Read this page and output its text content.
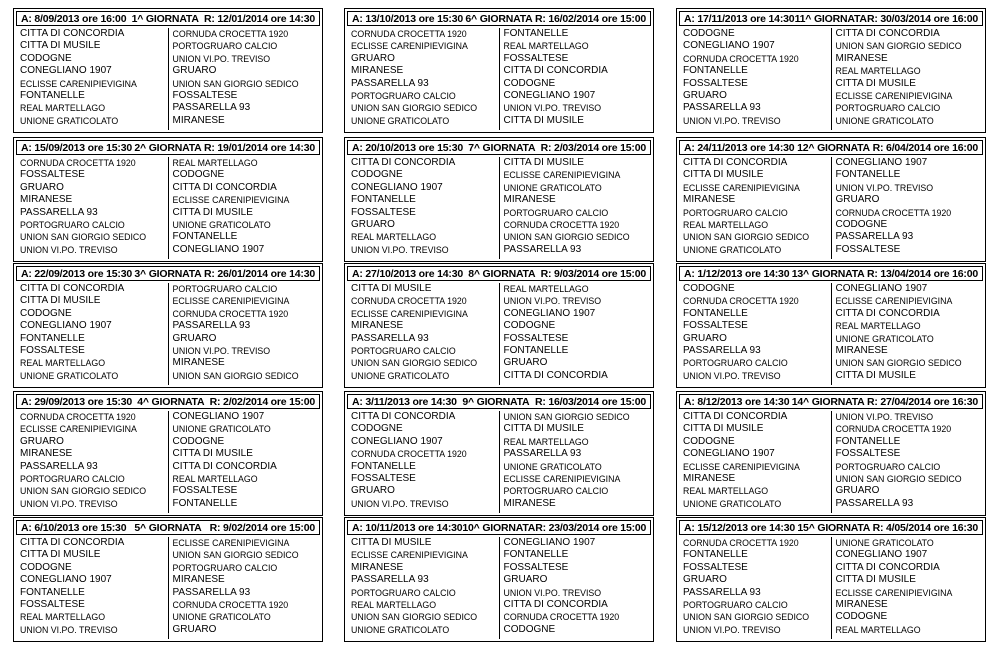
A: 8/09/2013 ore 16:00 1^ GIORNATA R: 12/01/2014 ore 14:30
CITTA DI CONCORDIA
CITTA DI MUSILE
CODOGNE
CONEGLIANO 1907
ECLISSE CARENIPIEVIGINA
FONTANELLE
REAL MARTELLAGO
UNIONE GRATICOLATO
CORNUDA CROCETTA 1920
PORTOGRUARO CALCIO
UNION VI.PO. TREVISO
GRUARO
UNION SAN GIORGIO SEDICO
FOSSALTESE
PASSARELLA 93
MIRANESE
A: 13/10/2013 ore 15:30 6^ GIORNATA R: 16/02/2014 ore 15:00
CORNUDA CROCETTA 1920
ECLISSE CARENIPIEVIGINA
GRUARO
MIRANESE
PASSARELLA 93
PORTOGRUARO CALCIO
UNION SAN GIORGIO SEDICO
UNIONE GRATICOLATO
FONTANELLE
REAL MARTELLAGO
FOSSALTESE
CITTA DI CONCORDIA
CODOGNE
CONEGLIANO 1907
UNION VI.PO. TREVISO
CITTA DI MUSILE
A: 17/11/2013 ore 14:30 11^ GIORNATA R: 30/03/2014 ore 16:00
CODOGNE
CONEGLIANO 1907
CORNUDA CROCETTA 1920
FONTANELLE
FOSSALTESE
GRUARO
PASSARELLA 93
UNION VI.PO. TREVISO
CITTA DI CONCORDIA
UNION SAN GIORGIO SEDICO
MIRANESE
REAL MARTELLAGO
CITTA DI MUSILE
ECLISSE CARENIPIEVIGINA
PORTOGRUARO CALCIO
UNIONE GRATICOLATO
A: 15/09/2013 ore 15:30 2^ GIORNATA R: 19/01/2014 ore 14:30
CORNUDA CROCETTA 1920
FOSSALTESE
GRUARO
MIRANESE
PASSARELLA 93
PORTOGRUARO CALCIO
UNION SAN GIORGIO SEDICO
UNION VI.PO. TREVISO
REAL MARTELLAGO
CODOGNE
CITTA DI CONCORDIA
ECLISSE CARENIPIEVIGINA
CITTA DI MUSILE
UNIONE GRATICOLATO
FONTANELLE
CONEGLIANO 1907
A: 20/10/2013 ore 15:30 7^ GIORNATA R: 2/03/2014 ore 15:00
CITTA DI CONCORDIA
CODOGNE
CONEGLIANO 1907
FONTANELLE
FOSSALTESE
GRUARO
REAL MARTELLAGO
UNION VI.PO. TREVISO
CITTA DI MUSILE
ECLISSE CARENIPIEVIGINA
UNIONE GRATICOLATO
MIRANESE
PORTOGRUARO CALCIO
CORNUDA CROCETTA 1920
UNION SAN GIORGIO SEDICO
PASSARELLA 93
A: 24/11/2013 ore 14:30 12^ GIORNATA R: 6/04/2014 ore 16:00
CITTA DI CONCORDIA
CITTA DI MUSILE
ECLISSE CARENIPIEVIGINA
MIRANESE
PORTOGRUARO CALCIO
REAL MARTELLAGO
UNION SAN GIORGIO SEDICO
UNIONE GRATICOLATO
CONEGLIANO 1907
FONTANELLE
UNION VI.PO. TREVISO
GRUARO
CORNUDA CROCETTA 1920
CODOGNE
PASSARELLA 93
FOSSALTESE
A: 22/09/2013 ore 15:30 3^ GIORNATA R: 26/01/2014 ore 14:30
CITTA DI CONCORDIA
CITTA DI MUSILE
CODOGNE
CONEGLIANO 1907
FONTANELLE
FOSSALTESE
REAL MARTELLAGO
UNIONE GRATICOLATO
PORTOGRUARO CALCIO
ECLISSE CARENIPIEVIGINA
CORNUDA CROCETTA 1920
PASSARELLA 93
GRUARO
UNION VI.PO. TREVISO
MIRANESE
UNION SAN GIORGIO SEDICO
A: 27/10/2013 ore 14:30 8^ GIORNATA R: 9/03/2014 ore 15:00
CITTA DI MUSILE
CORNUDA CROCETTA 1920
ECLISSE CARENIPIEVIGINA
MIRANESE
PASSARELLA 93
PORTOGRUARO CALCIO
UNION SAN GIORGIO SEDICO
UNIONE GRATICOLATO
REAL MARTELLAGO
UNION VI.PO. TREVISO
CONEGLIANO 1907
CODOGNE
FOSSALTESE
FONTANELLE
GRUARO
CITTA DI CONCORDIA
A: 1/12/2013 ore 14:30 13^ GIORNATA R: 13/04/2014 ore 16:00
CODOGNE
CORNUDA CROCETTA 1920
FONTANELLE
FOSSALTESE
GRUARO
PASSARELLA 93
PORTOGRUARO CALCIO
UNION VI.PO. TREVISO
CONEGLIANO 1907
ECLISSE CARENIPIEVIGINA
CITTA DI CONCORDIA
REAL MARTELLAGO
UNIONE GRATICOLATO
MIRANESE
UNION SAN GIORGIO SEDICO
CITTA DI MUSILE
A: 29/09/2013 ore 15:30 4^ GIORNATA R: 2/02/2014 ore 15:00
CORNUDA CROCETTA 1920
ECLISSE CARENIPIEVIGINA
GRUARO
MIRANESE
PASSARELLA 93
PORTOGRUARO CALCIO
UNION SAN GIORGIO SEDICO
UNION VI.PO. TREVISO
CONEGLIANO 1907
UNIONE GRATICOLATO
CODOGNE
CITTA DI MUSILE
CITTA DI CONCORDIA
REAL MARTELLAGO
FOSSALTESE
FONTANELLE
A: 3/11/2013 ore 14:30 9^ GIORNATA R: 16/03/2014 ore 15:00
CITTA DI CONCORDIA
CODOGNE
CONEGLIANO 1907
CORNUDA CROCETTA 1920
FONTANELLE
FOSSALTESE
GRUARO
UNION VI.PO. TREVISO
UNION SAN GIORGIO SEDICO
CITTA DI MUSILE
REAL MARTELLAGO
PASSARELLA 93
UNIONE GRATICOLATO
ECLISSE CARENIPIEVIGINA
PORTOGRUARO CALCIO
MIRANESE
A: 8/12/2013 ore 14:30 14^ GIORNATA R: 27/04/2014 ore 16:30
CITTA DI CONCORDIA
CITTA DI MUSILE
CODOGNE
CONEGLIANO 1907
ECLISSE CARENIPIEVIGINA
MIRANESE
REAL MARTELLAGO
UNIONE GRATICOLATO
UNION VI.PO. TREVISO
CORNUDA CROCETTA 1920
FONTANELLE
FOSSALTESE
PORTOGRUARO CALCIO
UNION SAN GIORGIO SEDICO
GRUARO
PASSARELLA 93
A: 6/10/2013 ore 15:30 5^ GIORNATA R: 9/02/2014 ore 15:00
CITTA DI CONCORDIA
CITTA DI MUSILE
CODOGNE
CONEGLIANO 1907
FONTANELLE
FOSSALTESE
REAL MARTELLAGO
UNION VI.PO. TREVISO
ECLISSE CARENIPIEVIGINA
UNION SAN GIORGIO SEDICO
PORTOGRUARO CALCIO
MIRANESE
PASSARELLA 93
CORNUDA CROCETTA 1920
UNIONE GRATICOLATO
GRUARO
A: 10/11/2013 ore 14:30 10^ GIORNATA R: 23/03/2014 ore 15:00
CITTA DI MUSILE
ECLISSE CARENIPIEVIGINA
MIRANESE
PASSARELLA 93
PORTOGRUARO CALCIO
REAL MARTELLAGO
UNION SAN GIORGIO SEDICO
UNIONE GRATICOLATO
CONEGLIANO 1907
FONTANELLE
FOSSALTESE
GRUARO
UNION VI.PO. TREVISO
CITTA DI CONCORDIA
CORNUDA CROCETTA 1920
CODOGNE
A: 15/12/2013 ore 14:30 15^ GIORNATA R: 4/05/2014 ore 16:30
CORNUDA CROCETTA 1920
FONTANELLE
FOSSALTESE
GRUARO
PASSARELLA 93
PORTOGRUARO CALCIO
UNION SAN GIORGIO SEDICO
UNION VI.PO. TREVISO
UNIONE GRATICOLATO
CONEGLIANO 1907
CITTA DI CONCORDIA
CITTA DI MUSILE
ECLISSE CARENIPIEVIGINA
MIRANESE
CODOGNE
REAL MARTELLAGO
